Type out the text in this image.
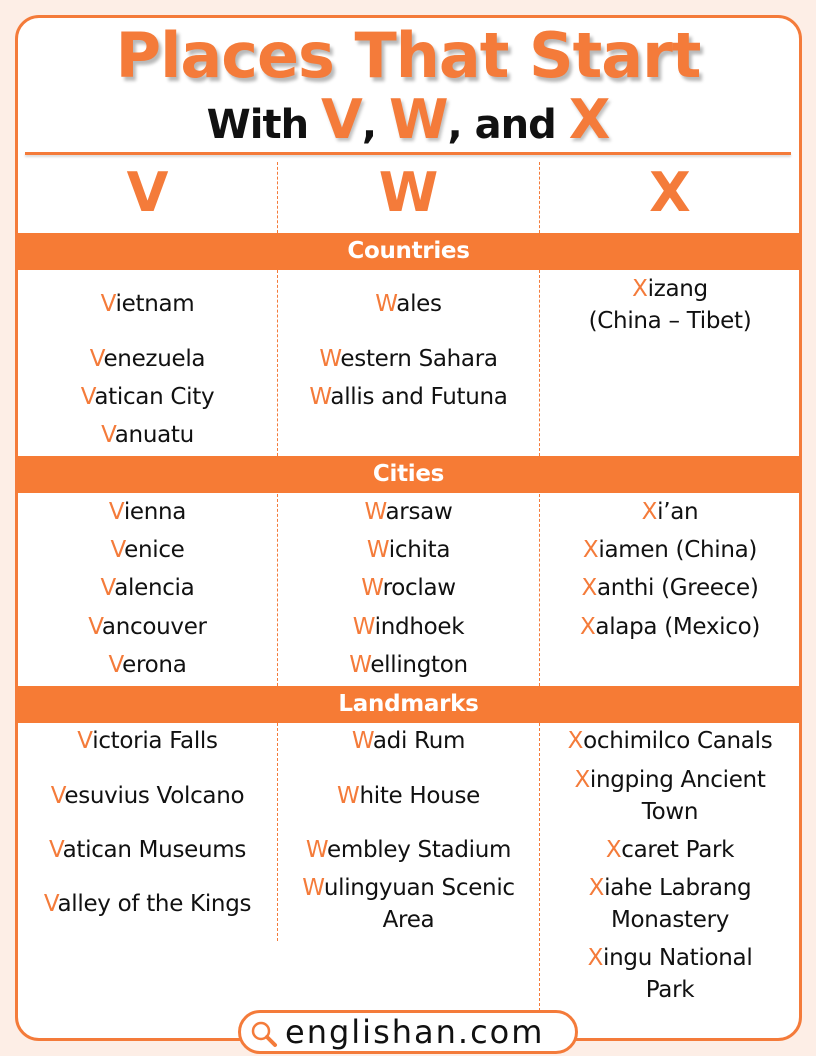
Places That Start
With V, W, and X
V	W	X
Countries
Cities
Landmarks
Vietnam
Venezuela
Vatican City
Vanuatu
Wales
Western Sahara
Wallis and Futuna
Xizang
(China – Tibet)
Vienna
Venice
Valencia
Vancouver
Verona
Warsaw
Wichita
Wroclaw
Windhoek
Wellington
Xi’an
Xiamen (China)
Xanthi (Greece)
Xalapa (Mexico)
Victoria Falls
Vesuvius Volcano
Vatican Museums
Valley of the Kings
Wadi Rum
White House
Wembley Stadium
Wulingyuan Scenic
Area
Xochimilco Canals
Xingping Ancient
Town
Xcaret Park
Xiahe Labrang
Monastery
Xingu National
Park
englishan.com
